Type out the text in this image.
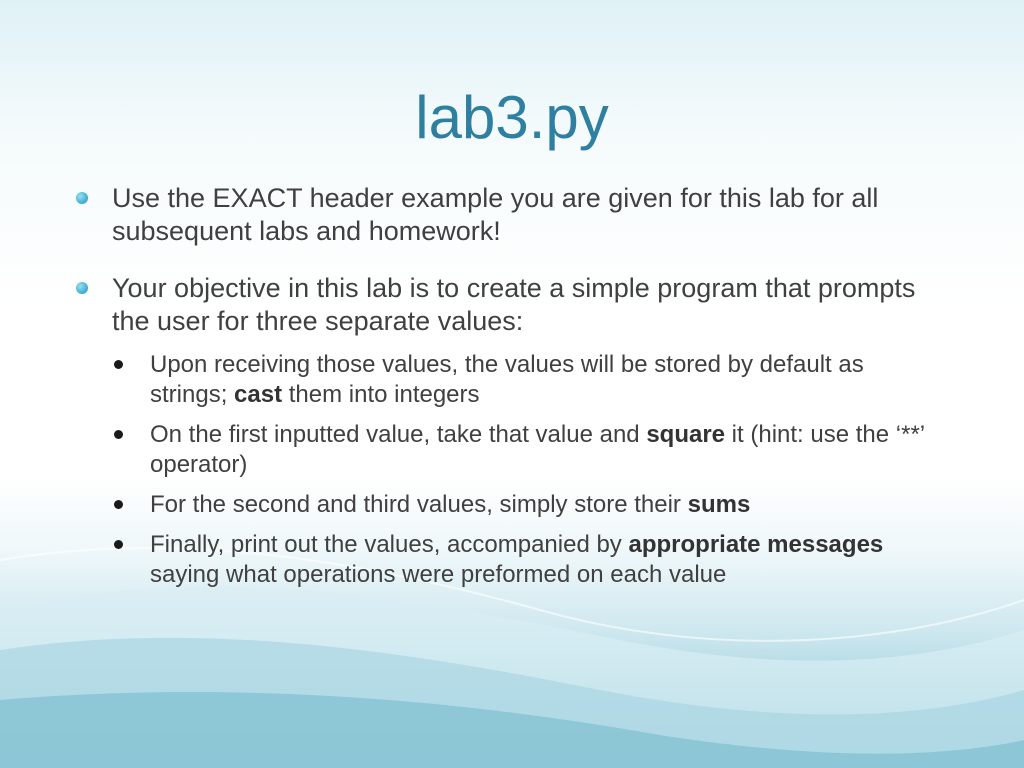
lab3.py
Use the EXACT header example you are given for this lab for all subsequent labs and homework!
Your objective in this lab is to create a simple program that prompts the user for three separate values:
Upon receiving those values, the values will be stored by default as strings; cast them into integers
On the first inputted value, take that value and square it (hint: use the ‘**’ operator)
For the second and third values, simply store their sums
Finally, print out the values, accompanied by appropriate messages saying what operations were preformed on each value
